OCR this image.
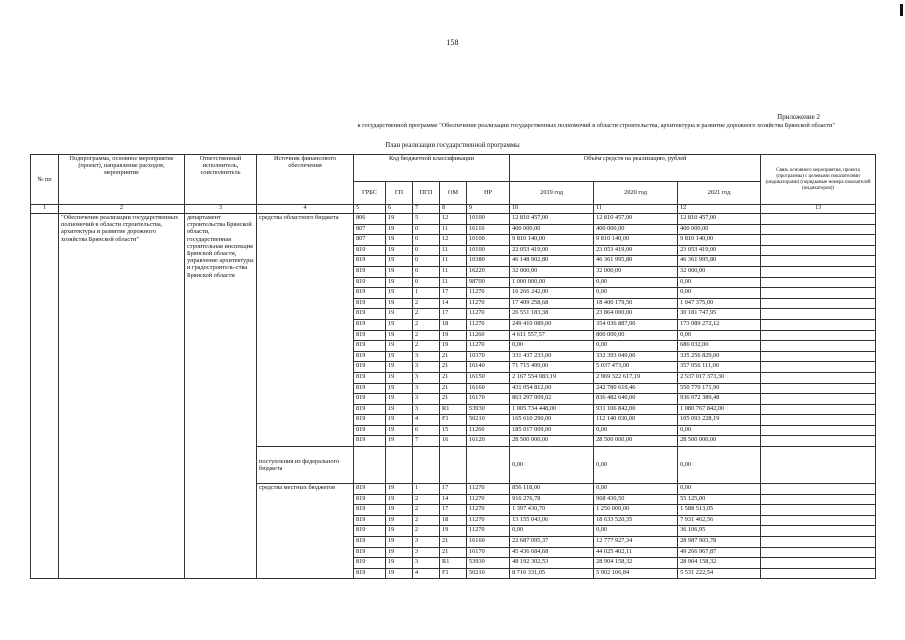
158
Приложение 2
к государственной программе "Обеспечение реализации государственных полномочий в области строительства, архитектуры и развитие дорожного хозяйства Брянской области"
План реализации государственной программы
№ пп	Подпрограмма, основное мероприятие (проект), направление расходов, мероприятие	Ответственный исполнитель, соисполнитель	Источник финансового обеспечения	Код бюджетной классификации					Объём средств на реализацию, рублей			Связь основного мероприятия, проекта (программы) с целевыми показателями (индикаторами) (порядковые номера показателей (индикаторов))
				ГРБС	ГП	ПГП	ОМ	НР	2019 год	2020 год	2021 год	
1	2	3	4	5	6	7	8	9	10	11	12	13
	"Обеспечение реализации государственных полномочий в области строительства, архитектуры и развитие дорожного хозяйства Брянской области"	департамент строительства Брянской области, государственная строительная инспекция Брянской области, управление архитектуры и градостроитель-ства Брянской области	средства областного бюджета	806	19	5	12	10100	12 810 457,00	12 810 457,00	12 810 457,00	
				807	19	0	11	16110	400 000,00	400 000,00	400 000,00	
				807	19	0	12	10100	9 810 140,00	9 810 140,00	9 810 140,00	
				819	19	0	11	10100	22 053 419,00	23 053 419,00	23 053 419,00	
				819	19	0	11	10380	46 148 902,80	46 361 995,80	46 361 995,80	
				819	19	0	11	16220	32 000,00	32 000,00	32 000,00	
				819	19	0	11	98700	1 000 000,00	0,00	0,00	
				819	19	1	17	11270	16 266 242,00	0,00	0,00	
				819	19	2	14	11270	17 409 258,68	18 400 179,50	1 047 375,00	
				819	19	2	17	11270	26 551 183,38	23 864 000,00	30 181 747,95	
				819	19	2	18	11270	249 410 089,00	354 036 887,00	173 089 272,12	
				819	19	2	19	11260	4 611 557,57	800 000,00	0,00	
				819	19	2	19	11270	0,00	0,00	686 032,00	
				819	19	3	21	10370	331 437 233,00	332 393 049,00	335 256 829,00	
				819	19	3	21	16140	71 715 499,00	5 037 473,00	357 056 111,00	
				819	19	3	21	16150	2 167 554 083,19	2 969 322 617,19	2 537 017 373,30	
				819	19	3	21	16160	431 054 812,00	242 780 619,46	550 770 171,90	
				819	19	3	21	16170	863 297 009,02	836 482 640,00	936 072 389,48	
				819	19	3	R1	53930	1 005 734 448,00	931 106 842,00	1 080 767 842,00	
				819	19	4	F1	50210	165 610 290,00	112 140 030,00	105 093 228,19	
				819	19	6	15	11260	185 017 009,00	0,00	0,00	
				819	19	7	16	16120	28 500 000,00	28 500 000,00	28 500 000,00	
			поступления из федерального бюджета						0,00	0,00	0,00	
			средства местных бюджетов	819	19	1	17	11270	856 118,00	0,00	0,00	
				819	19	2	14	11270	916 276,78	968 430,50	55 125,00	
				819	19	2	17	11270	1 397 430,70	1 256 000,00	1 588 513,05	
				819	19	2	18	11270	13 155 043,06	18 633 520,35	7 931 462,56	
				819	19	2	19	11270	0,00	0,00	36 106,95	
				819	19	3	21	16160	22 687 095,37	12 777 927,34	28 987 903,78	
				819	19	3	21	16170	45 436 684,68	44 025 402,11	49 266 967,87	
				819	19	3	R1	53930	48 192 302,53	28 904 158,32	28 904 158,32	
				819	19	4	F1	50210	8 716 331,05	5 902 106,84	5 531 222,54	
